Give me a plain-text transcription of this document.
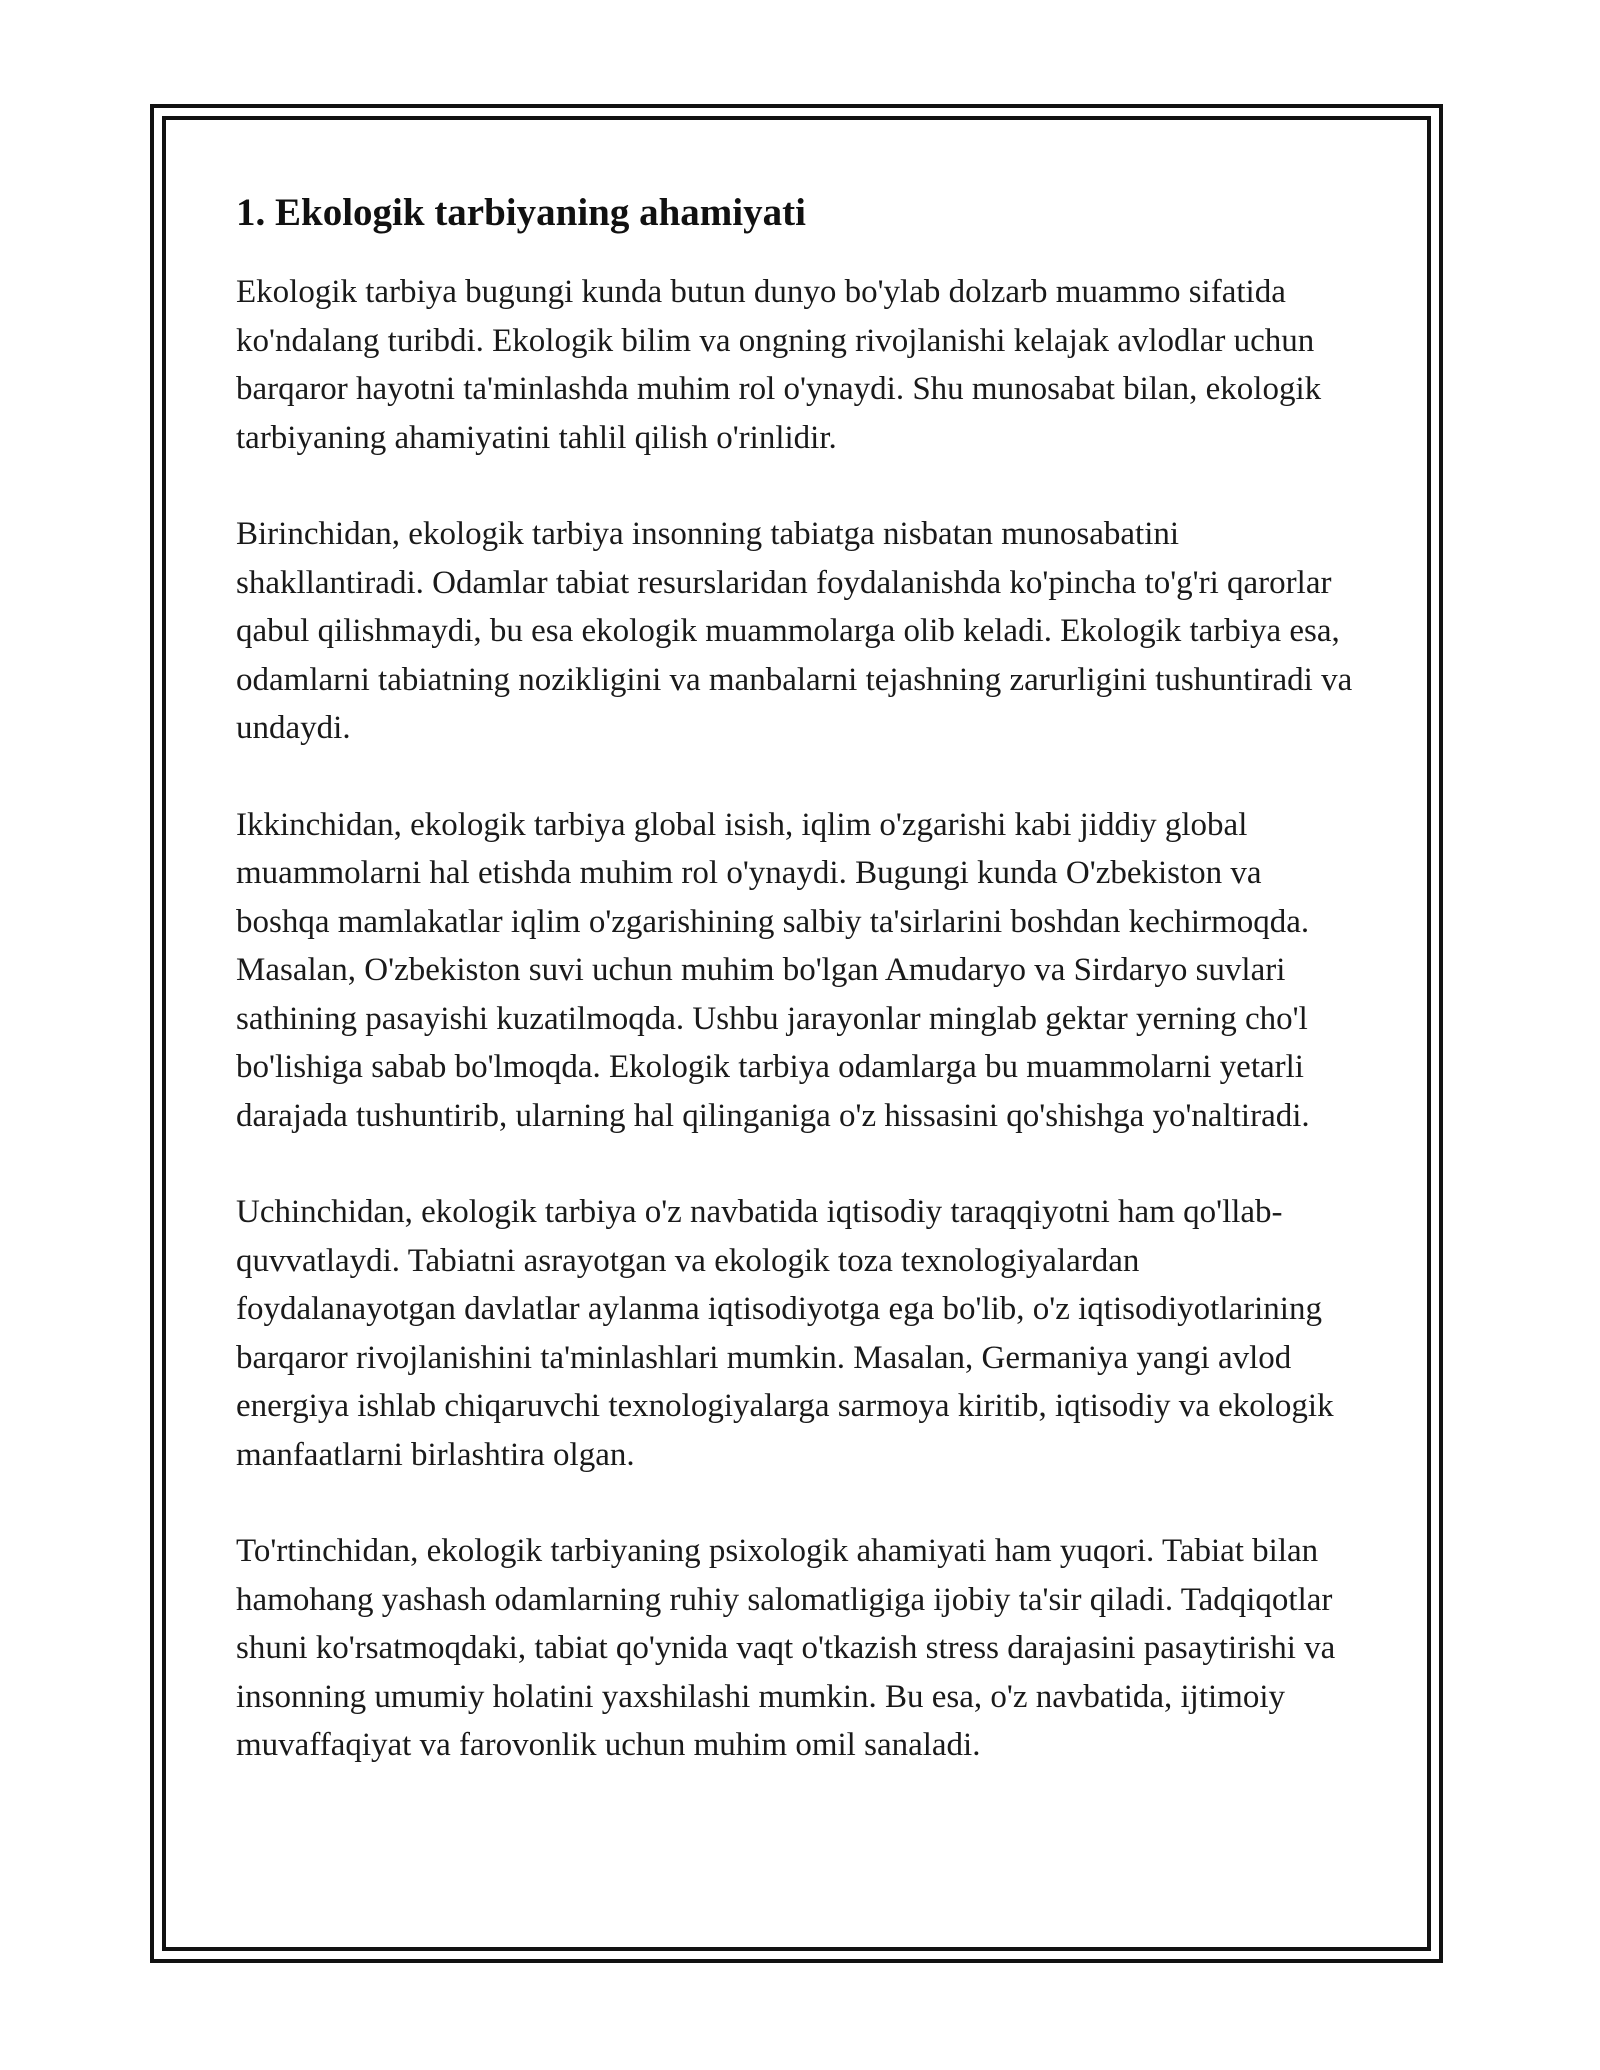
1. Ekologik tarbiyaning ahamiyati

Ekologik tarbiya bugungi kunda butun dunyo bo'ylab dolzarb muammo sifatida ko'ndalang turibdi. Ekologik bilim va ongning rivojlanishi kelajak avlodlar uchun barqaror hayotni ta'minlashda muhim rol o'ynaydi. Shu munosabat bilan, ekologik tarbiyaning ahamiyatini tahlil qilish o'rinlidir.

Birinchidan, ekologik tarbiya insonning tabiatga nisbatan munosabatini shakllantiradi. Odamlar tabiat resurslaridan foydalanishda ko'pincha to'g'ri qarorlar qabul qilishmaydi, bu esa ekologik muammolarga olib keladi. Ekologik tarbiya esa, odamlarni tabiatning nozikligini va manbalarni tejashning zarurligini tushuntiradi va undaydi.

Ikkinchidan, ekologik tarbiya global isish, iqlim o'zgarishi kabi jiddiy global muammolarni hal etishda muhim rol o'ynaydi. Bugungi kunda O'zbekiston va boshqa mamlakatlar iqlim o'zgarishining salbiy ta'sirlarini boshdan kechirmoqda. Masalan, O'zbekiston suvi uchun muhim bo'lgan Amudaryo va Sirdaryo suvlari sathining pasayishi kuzatilmoqda. Ushbu jarayonlar minglab gektar yerning cho'l bo'lishiga sabab bo'lmoqda. Ekologik tarbiya odamlarga bu muammolarni yetarli darajada tushuntirib, ularning hal qilinganiga o'z hissasini qo'shishga yo'naltiradi.

Uchinchidan, ekologik tarbiya o'z navbatida iqtisodiy taraqqiyotni ham qo'llab-quvvatlaydi. Tabiatni asrayotgan va ekologik toza texnologiyalardan foydalanayotgan davlatlar aylanma iqtisodiyotga ega bo'lib, o'z iqtisodiyotlarining barqaror rivojlanishini ta'minlashlari mumkin. Masalan, Germaniya yangi avlod energiya ishlab chiqaruvchi texnologiyalarga sarmoya kiritib, iqtisodiy va ekologik manfaatlarni birlashtira olgan.

To'rtinchidan, ekologik tarbiyaning psixologik ahamiyati ham yuqori. Tabiat bilan hamohang yashash odamlarning ruhiy salomatligiga ijobiy ta'sir qiladi. Tadqiqotlar shuni ko'rsatmoqdaki, tabiat qo'ynida vaqt o'tkazish stress darajasini pasaytirishi va insonning umumiy holatini yaxshilashi mumkin. Bu esa, o'z navbatida, ijtimoiy muvaffaqiyat va farovonlik uchun muhim omil sanaladi.
